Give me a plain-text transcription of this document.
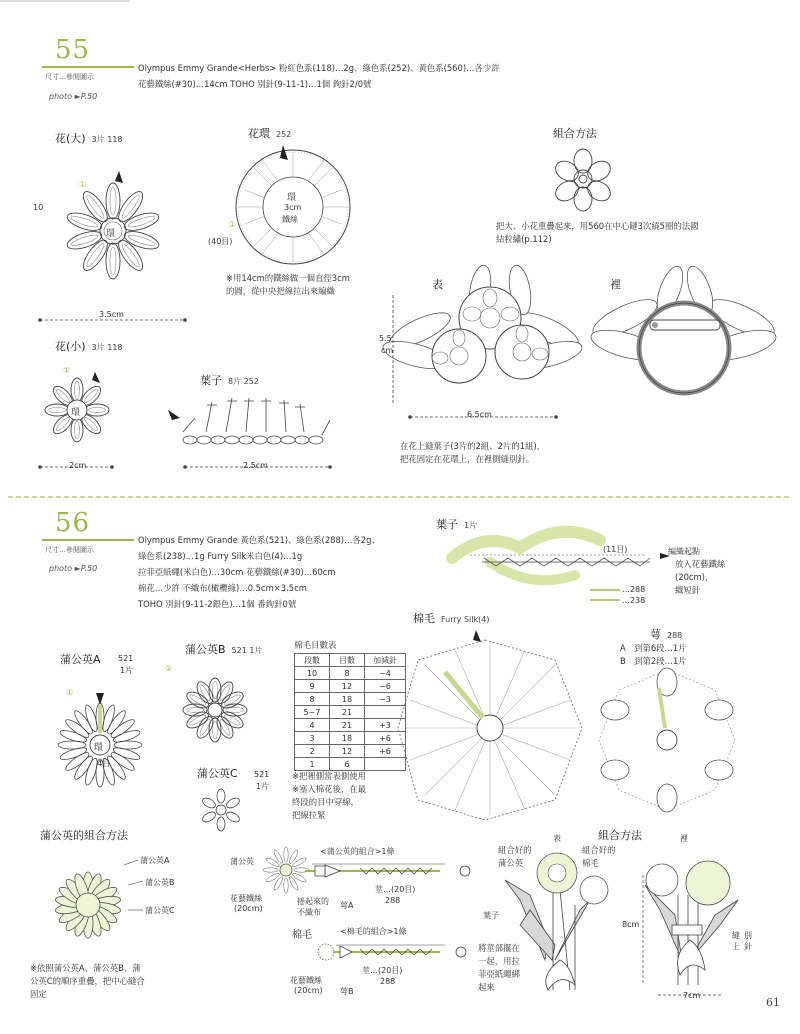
55
尺寸…參閱圖示
photo ►P.50
Olympus Emmy Grande<Herbs> 粉紅色系(118)…2g、綠色系(252)、黃色系(560)…各少許
花藝鐵絲(#30)…14cm TOHO 別針(9-11-1)…1個 鉤針2/0號
花(大) 3片 118
10
環
①
3.5cm
花環 252
環
3cm
鐵絲
①
(40目)
※用14cm的鐵絲做一個直徑3cm
的圓，從中央把線拉出來編織
組合方法
把大、小花重疊起來，用560在中心鏈3次繞5圈的法國
結粒繡(p.112)
花(小) 3片 118
環
①
2cm
葉子 8片 252
2.5cm
表
5.5
cm
6.5cm
裡
在花上縫葉子(3片的2組、2片的1組)，
把花固定在花環上，在裡側縫別針。
56
尺寸…參閱圖示
photo ►P.50
Olympus Emmy Grande 黃色系(521)、綠色系(288)…各2g、
綠色系(238)…1g Furry Silk米白色(4)…1g
拉菲亞紙繩(米白色)…30cm 花藝鐵絲(#30)…60cm
棉花…少許 不織布(橄欖綠)…0.5cm×3.5cm
TOHO 別針(9-11-2銀色)…1個 番鉤針0號
葉子 1片
(11目)	編織起點
放入花藝鐵絲
(20cm)，
織短針
…288
…238
棉毛 Furry Silk(4)
萼 288
A　到第6段…1片
B　到第2段…1片
蒲公英A 521
1片
環
①
4目
蒲公英B 521 1片
②
蒲公英C 521
1片
棉毛目數表
段數	目數	加減針
10	8	−4
9	12	−6
8	18	−3
5~7	21	
4	21	+3
3	18	+6
2	12	+6
1	6	
※把裡側當表側使用
※塞入棉花後，在最
終段的目中穿線，
把線拉緊
蒲公英的組合方法
蒲公英A
蒲公英B
蒲公英C
※依照蒲公英A、蒲公英B、蒲
公英C的順序重疊，把中心縫合
固定
<蒲公英的組合>1條
蒲公英
花藝鐵絲
(20cm)
捲起來的
不織布
萼A
莖…(20目)
288
<棉毛的組合>1條
棉毛
花藝鐵絲
(20cm) 萼B
莖…(20目)
288
組合方法
表	裡
組合好的
蒲公英
組合好的
棉毛
葉子
將莖部擺在
一起，用拉
菲亞紙繩綁
起來
8cm
7cm
縫上
別針
61
